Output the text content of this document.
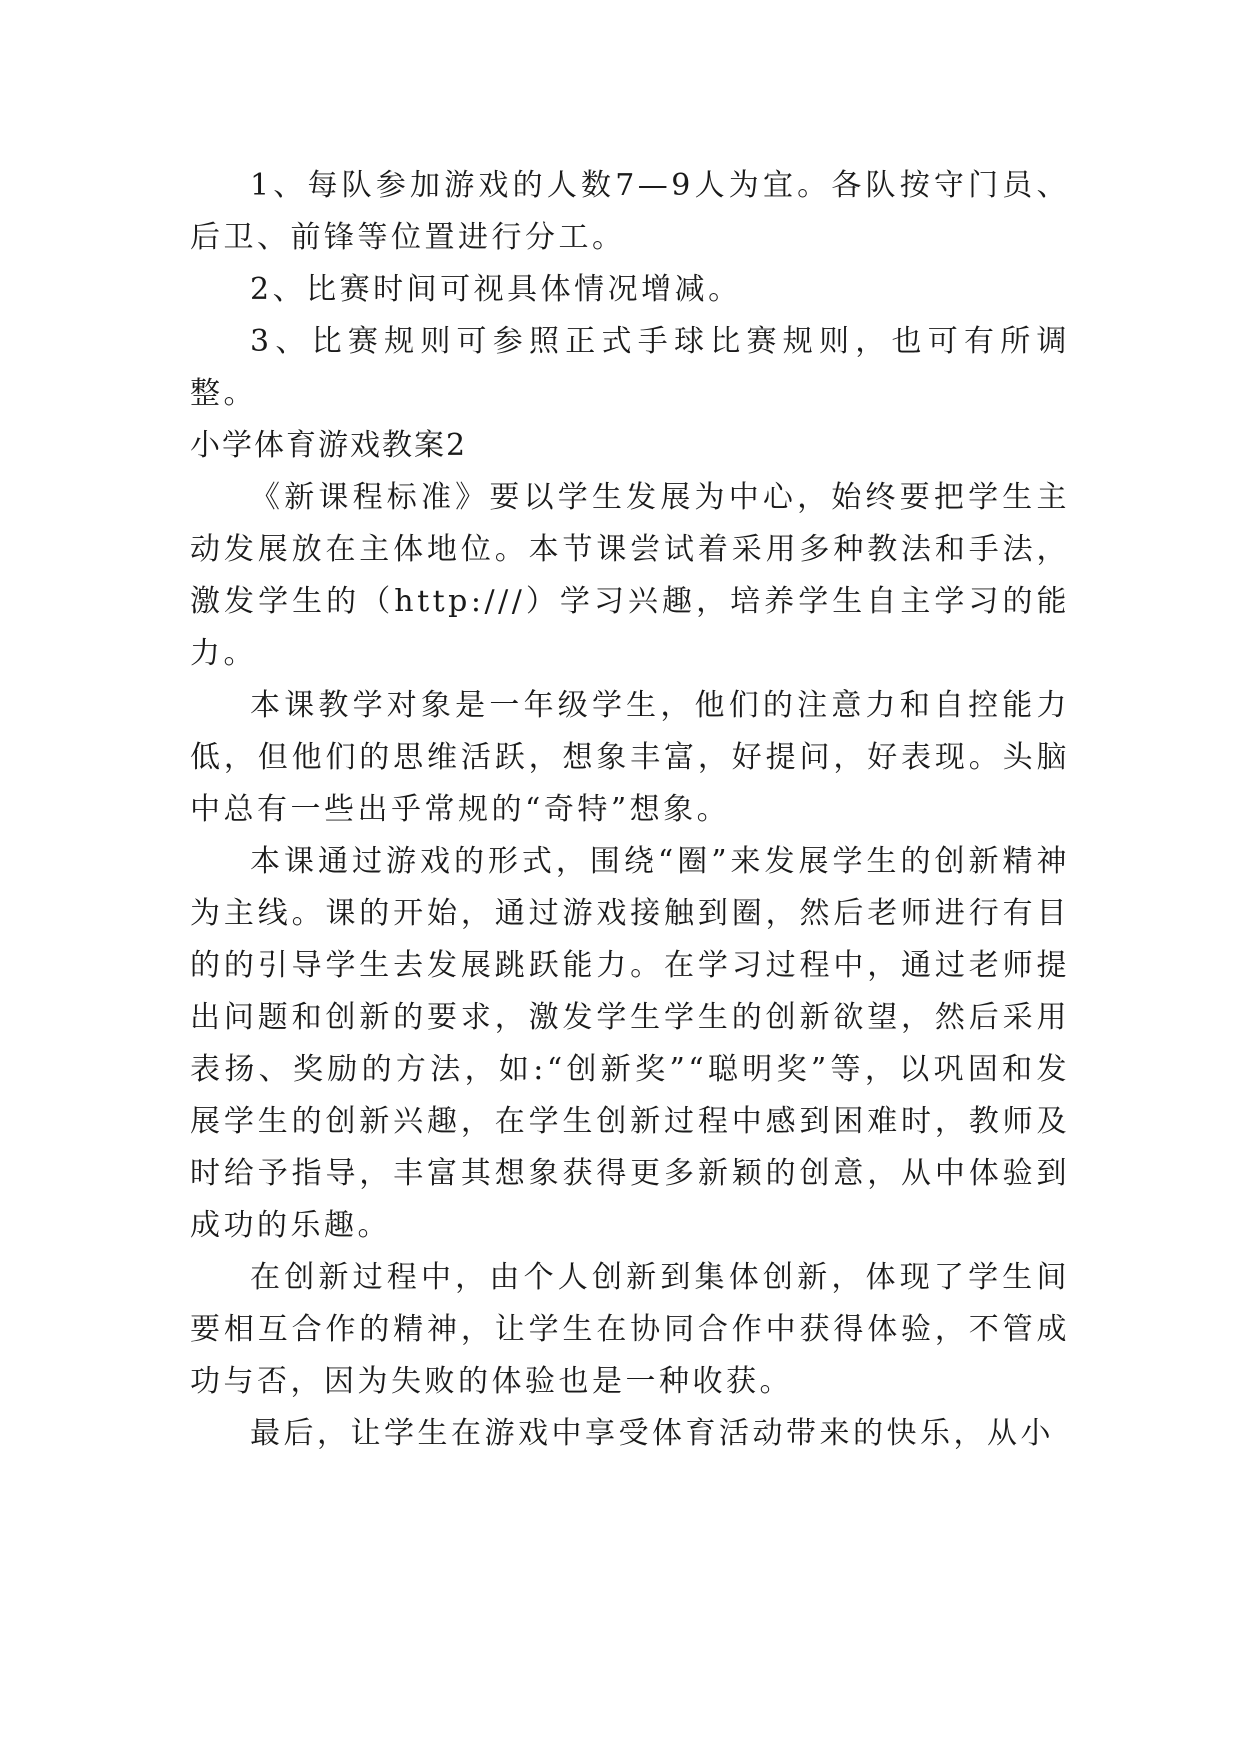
1、每队参加游戏的人数7—9人为宜。各队按守门员、后卫、前锋等位置进行分工。

2、比赛时间可视具体情况增减。

3、比赛规则可参照正式手球比赛规则，也可有所调整。

小学体育游戏教案2

《新课程标准》要以学生发展为中心，始终要把学生主动发展放在主体地位。本节课尝试着采用多种教法和手法，激发学生的（http:///）学习兴趣，培养学生自主学习的能力。

本课教学对象是一年级学生，他们的注意力和自控能力低，但他们的思维活跃，想象丰富，好提问，好表现。头脑中总有一些出乎常规的“奇特”想象。

本课通过游戏的形式，围绕“圈”来发展学生的创新精神为主线。课的开始，通过游戏接触到圈，然后老师进行有目的的引导学生去发展跳跃能力。在学习过程中，通过老师提出问题和创新的要求，激发学生学生的创新欲望，然后采用表扬、奖励的方法，如:“创新奖”“聪明奖”等，以巩固和发展学生的创新兴趣，在学生创新过程中感到困难时，教师及时给予指导，丰富其想象获得更多新颖的创意，从中体验到成功的乐趣。

在创新过程中，由个人创新到集体创新，体现了学生间要相互合作的精神，让学生在协同合作中获得体验，不管成功与否，因为失败的体验也是一种收获。

最后，让学生在游戏中享受体育活动带来的快乐，从小
